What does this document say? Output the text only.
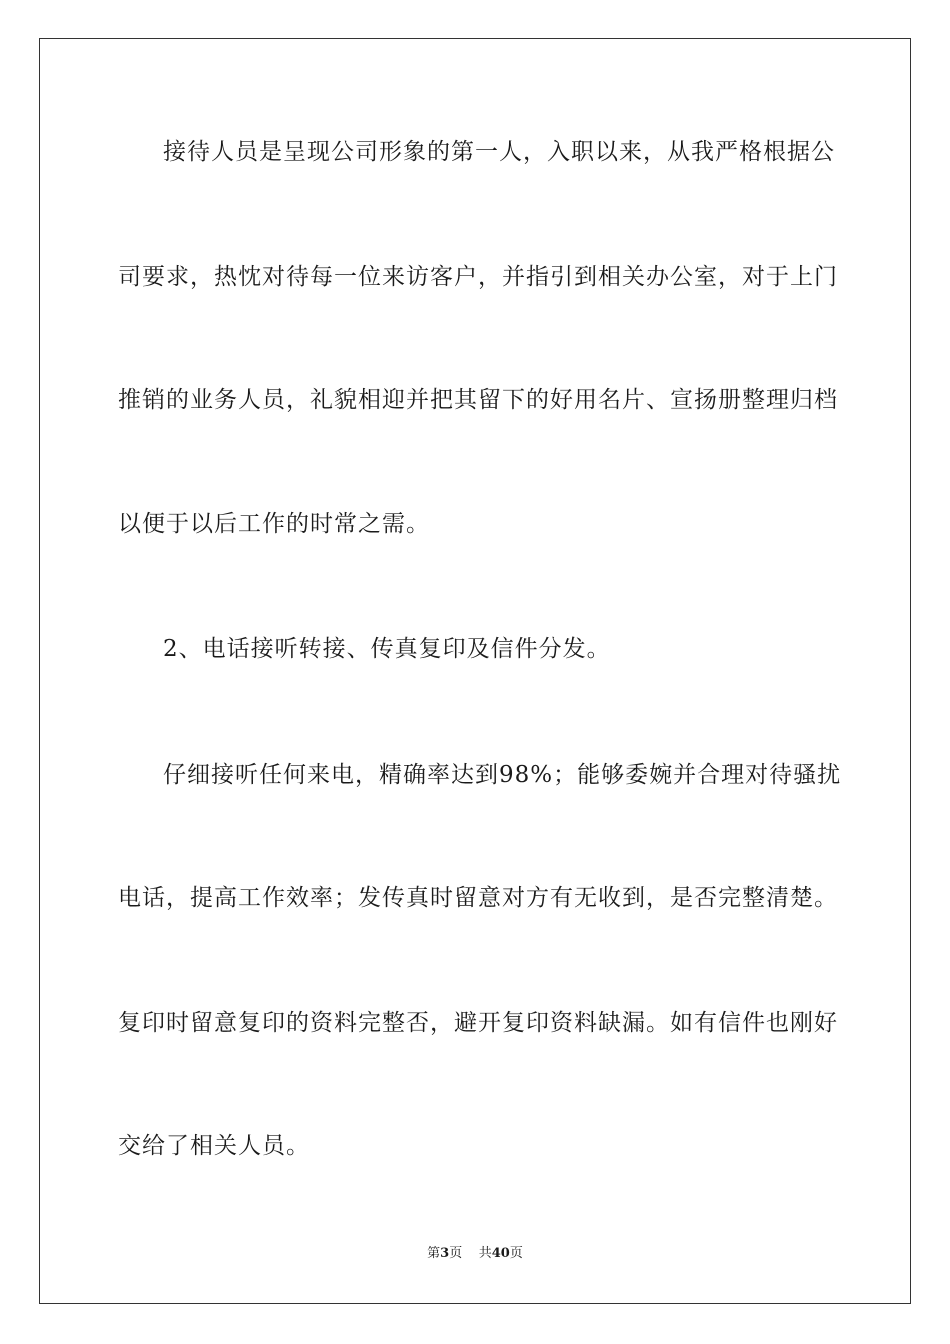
接待人员是呈现公司形象的第一人，入职以来，从我严格根据公
司要求，热忱对待每一位来访客户，并指引到相关办公室，对于上门
推销的业务人员，礼貌相迎并把其留下的好用名片、宣扬册整理归档
以便于以后工作的时常之需。
2、电话接听转接、传真复印及信件分发。
仔细接听任何来电，精确率达到98%；能够委婉并合理对待骚扰
电话，提高工作效率；发传真时留意对方有无收到，是否完整清楚。
复印时留意复印的资料完整否，避开复印资料缺漏。如有信件也刚好
交给了相关人员。
第3页 共40页
